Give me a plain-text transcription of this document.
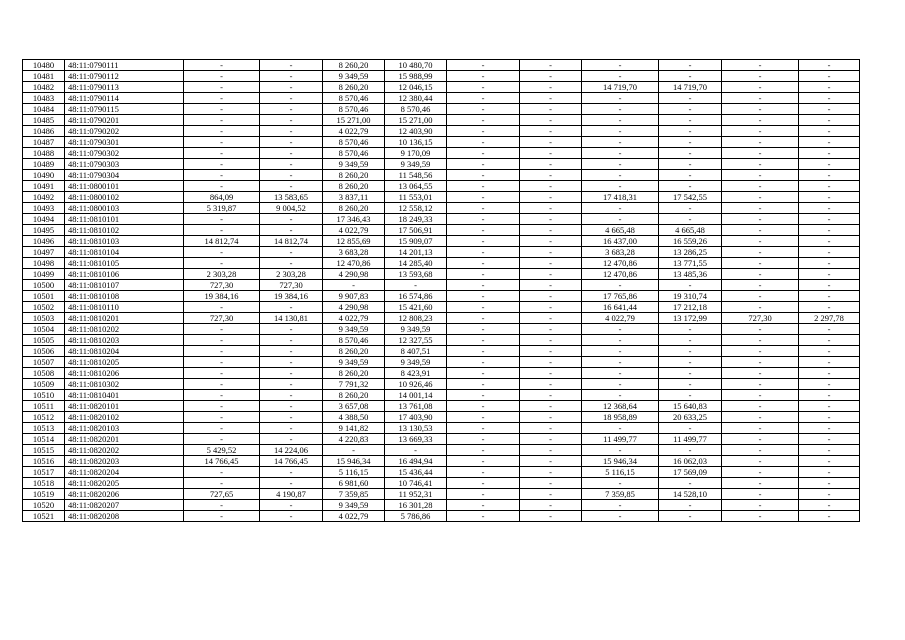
10480	48:11:0790111	-	-	8 260,20	10 480,70	-	-	-	-	-	-
10481	48:11:0790112	-	-	9 349,59	15 988,99	-	-	-	-	-	-
10482	48:11:0790113	-	-	8 260,20	12 046,15	-	-	14 719,70	14 719,70	-	-
10483	48:11:0790114	-	-	8 570,46	12 380,44	-	-	-	-	-	-
10484	48:11:0790115	-	-	8 570,46	8 570,46	-	-	-	-	-	-
10485	48:11:0790201	-	-	15 271,00	15 271,00	-	-	-	-	-	-
10486	48:11:0790202	-	-	4 022,79	12 403,90	-	-	-	-	-	-
10487	48:11:0790301	-	-	8 570,46	10 136,15	-	-	-	-	-	-
10488	48:11:0790302	-	-	8 570,46	9 170,09	-	-	-	-	-	-
10489	48:11:0790303	-	-	9 349,59	9 349,59	-	-	-	-	-	-
10490	48:11:0790304	-	-	8 260,20	11 548,56	-	-	-	-	-	-
10491	48:11:0800101	-	-	8 260,20	13 064,55	-	-	-	-	-	-
10492	48:11:0800102	864,09	13 583,65	3 837,11	11 553,01	-	-	17 418,31	17 542,55	-	-
10493	48:11:0800103	5 319,87	9 004,52	8 260,20	12 558,12	-	-	-	-	-	-
10494	48:11:0810101	-	-	17 346,43	18 249,33	-	-	-	-	-	-
10495	48:11:0810102	-	-	4 022,79	17 506,91	-	-	4 665,48	4 665,48	-	-
10496	48:11:0810103	14 812,74	14 812,74	12 855,69	15 909,07	-	-	16 437,00	16 559,26	-	-
10497	48:11:0810104	-	-	3 683,28	14 201,13	-	-	3 683,28	13 286,25	-	-
10498	48:11:0810105	-	-	12 470,86	14 285,40	-	-	12 470,86	13 771,55	-	-
10499	48:11:0810106	2 303,28	2 303,28	4 290,98	13 593,68	-	-	12 470,86	13 485,36	-	-
10500	48:11:0810107	727,30	727,30	-	-	-	-	-	-	-	-
10501	48:11:0810108	19 384,16	19 384,16	9 907,83	16 574,86	-	-	17 765,86	19 310,74	-	-
10502	48:11:0810110	-	-	4 290,98	15 421,60	-	-	16 641,44	17 212,18	-	-
10503	48:11:0810201	727,30	14 130,81	4 022,79	12 808,23	-	-	4 022,79	13 172,99	727,30	2 297,78
10504	48:11:0810202	-	-	9 349,59	9 349,59	-	-	-	-	-	-
10505	48:11:0810203	-	-	8 570,46	12 327,55	-	-	-	-	-	-
10506	48:11:0810204	-	-	8 260,20	8 407,51	-	-	-	-	-	-
10507	48:11:0810205	-	-	9 349,59	9 349,59	-	-	-	-	-	-
10508	48:11:0810206	-	-	8 260,20	8 423,91	-	-	-	-	-	-
10509	48:11:0810302	-	-	7 791,32	10 926,46	-	-	-	-	-	-
10510	48:11:0810401	-	-	8 260,20	14 001,14	-	-	-	-	-	-
10511	48:11:0820101	-	-	3 657,08	13 761,08	-	-	12 368,64	15 640,83	-	-
10512	48:11:0820102	-	-	4 388,50	17 403,90	-	-	18 958,89	20 633,25	-	-
10513	48:11:0820103	-	-	9 141,82	13 130,53	-	-	-	-	-	-
10514	48:11:0820201	-	-	4 220,83	13 669,33	-	-	11 499,77	11 499,77	-	-
10515	48:11:0820202	5 429,52	14 224,06	-	-	-	-	-	-	-	-
10516	48:11:0820203	14 766,45	14 766,45	15 946,34	16 494,94	-	-	15 946,34	16 062,03	-	-
10517	48:11:0820204	-	-	5 116,15	15 436,44	-	-	5 116,15	17 569,09	-	-
10518	48:11:0820205	-	-	6 981,60	10 746,41	-	-	-	-	-	-
10519	48:11:0820206	727,65	4 190,87	7 359,85	11 952,31	-	-	7 359,85	14 528,10	-	-
10520	48:11:0820207	-	-	9 349,59	16 301,28	-	-	-	-	-	-
10521	48:11:0820208	-	-	4 022,79	5 786,86	-	-	-	-	-	-
